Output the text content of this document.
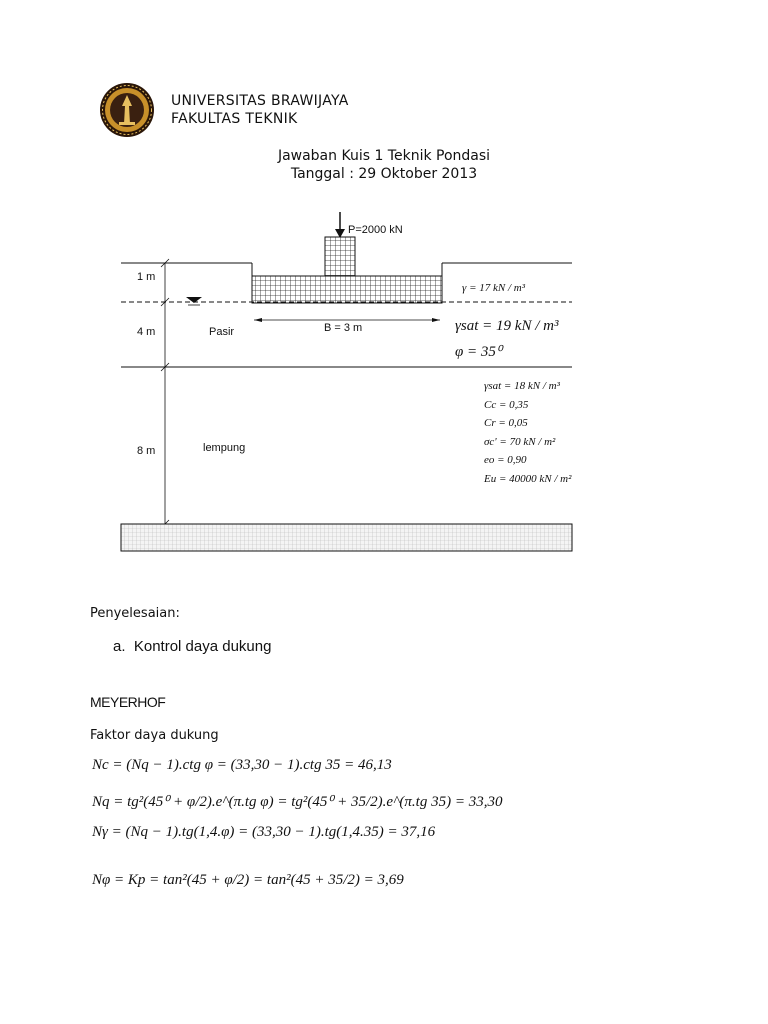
UNIVERSITAS BRAWIJAYA
FAKULTAS TEKNIK
Jawaban Kuis 1 Teknik Pondasi
Tanggal : 29 Oktober 2013
P=2000 kN
1 m
4 m
8 m
Pasir
lempung
B = 3 m
γ = 17 kN / m³
γsat = 19 kN / m³
φ = 35⁰
γsat = 18 kN / m³
Cc = 0,35
Cr = 0,05
σc' = 70 kN / m²
eo = 0,90
Eu = 40000 kN / m²
Penyelesaian:
a.  Kontrol daya dukung
MEYERHOF
Faktor daya dukung
Nc = (Nq − 1).ctg φ = (33,30 − 1).ctg 35 = 46,13
Nq = tg²(45⁰ + φ/2).e^(π.tg φ) = tg²(45⁰ + 35/2).e^(π.tg 35) = 33,30
Nγ = (Nq − 1).tg(1,4.φ) = (33,30 − 1).tg(1,4.35) = 37,16
Nφ = Kp = tan²(45 + φ/2) = tan²(45 + 35/2) = 3,69
